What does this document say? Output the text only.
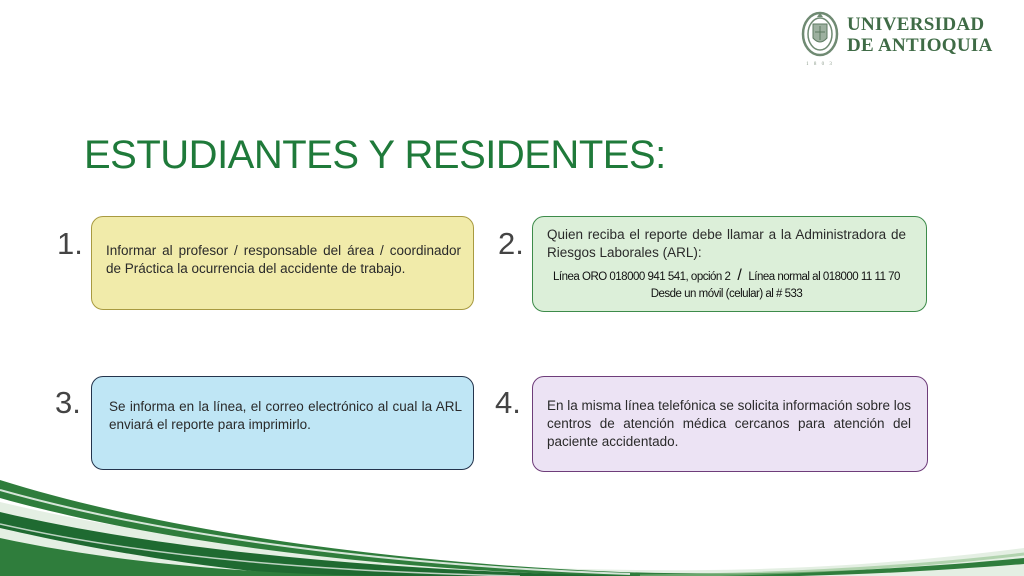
1 8 0 3
UNIVERSIDAD
DE ANTIOQUIA
ESTUDIANTES Y RESIDENTES:
1. Informar al profesor / responsable del área / coordinador de Práctica la ocurrencia del accidente de trabajo.
2. Quien reciba el reporte debe llamar a la Administradora de Riesgos Laborales (ARL):
Línea ORO 018000 941 541, opción 2 / Línea normal al 018000 11 11 70
Desde un móvil (celular) al # 533
3. Se informa en la línea, el correo electrónico al cual la ARL enviará el reporte para imprimirlo.
4. En la misma línea telefónica se solicita información sobre los centros de atención médica cercanos para atención del paciente accidentado.
